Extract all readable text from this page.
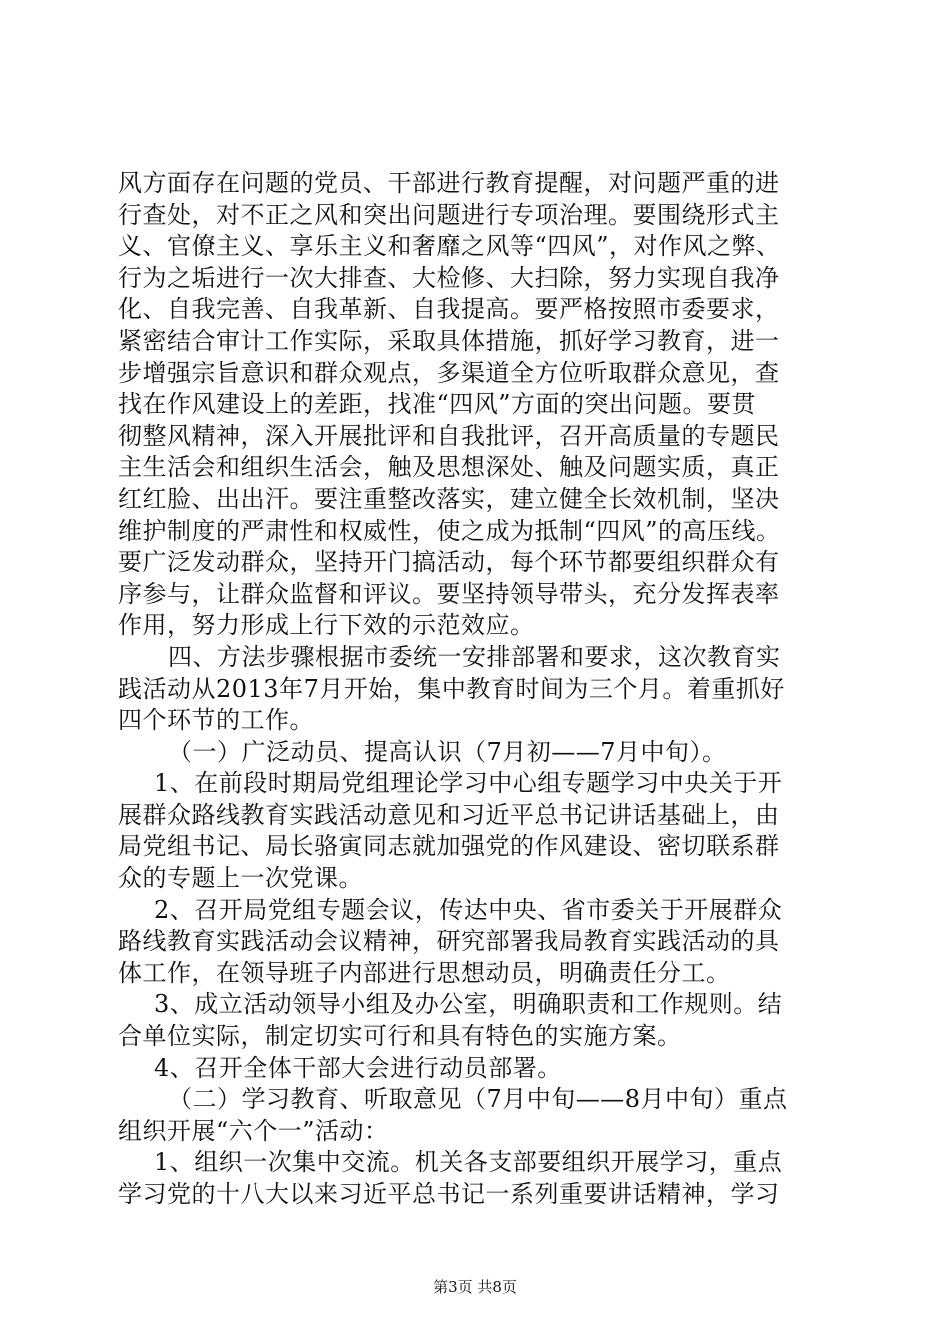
风方面存在问题的党员、干部进行教育提醒，对问题严重的进
行查处，对不正之风和突出问题进行专项治理。要围绕形式主
义、官僚主义、享乐主义和奢靡之风等“四风”，对作风之弊、
行为之垢进行一次大排查、大检修、大扫除，努力实现自我净
化、自我完善、自我革新、自我提高。要严格按照市委要求，
紧密结合审计工作实际，采取具体措施，抓好学习教育，进一
步增强宗旨意识和群众观点，多渠道全方位听取群众意见，查
找在作风建设上的差距，找准“四风”方面的突出问题。要贯
彻整风精神，深入开展批评和自我批评，召开高质量的专题民
主生活会和组织生活会，触及思想深处、触及问题实质，真正
红红脸、出出汗。要注重整改落实，建立健全长效机制，坚决
维护制度的严肃性和权威性，使之成为抵制“四风”的高压线。
要广泛发动群众，坚持开门搞活动，每个环节都要组织群众有
序参与，让群众监督和评议。要坚持领导带头，充分发挥表率
作用，努力形成上行下效的示范效应。
四、方法步骤根据市委统一安排部署和要求，这次教育实
践活动从2013年7月开始，集中教育时间为三个月。着重抓好
四个环节的工作。
（一）广泛动员、提高认识（7月初——7月中旬）。
1、在前段时期局党组理论学习中心组专题学习中央关于开
展群众路线教育实践活动意见和习近平总书记讲话基础上，由
局党组书记、局长骆寅同志就加强党的作风建设、密切联系群
众的专题上一次党课。
2、召开局党组专题会议，传达中央、省市委关于开展群众
路线教育实践活动会议精神，研究部署我局教育实践活动的具
体工作，在领导班子内部进行思想动员，明确责任分工。
3、成立活动领导小组及办公室，明确职责和工作规则。结
合单位实际，制定切实可行和具有特色的实施方案。
4、召开全体干部大会进行动员部署。
（二）学习教育、听取意见（7月中旬——8月中旬）重点
组织开展“六个一”活动：
1、组织一次集中交流。机关各支部要组织开展学习，重点
学习党的十八大以来习近平总书记一系列重要讲话精神，学习
第3页 共8页
